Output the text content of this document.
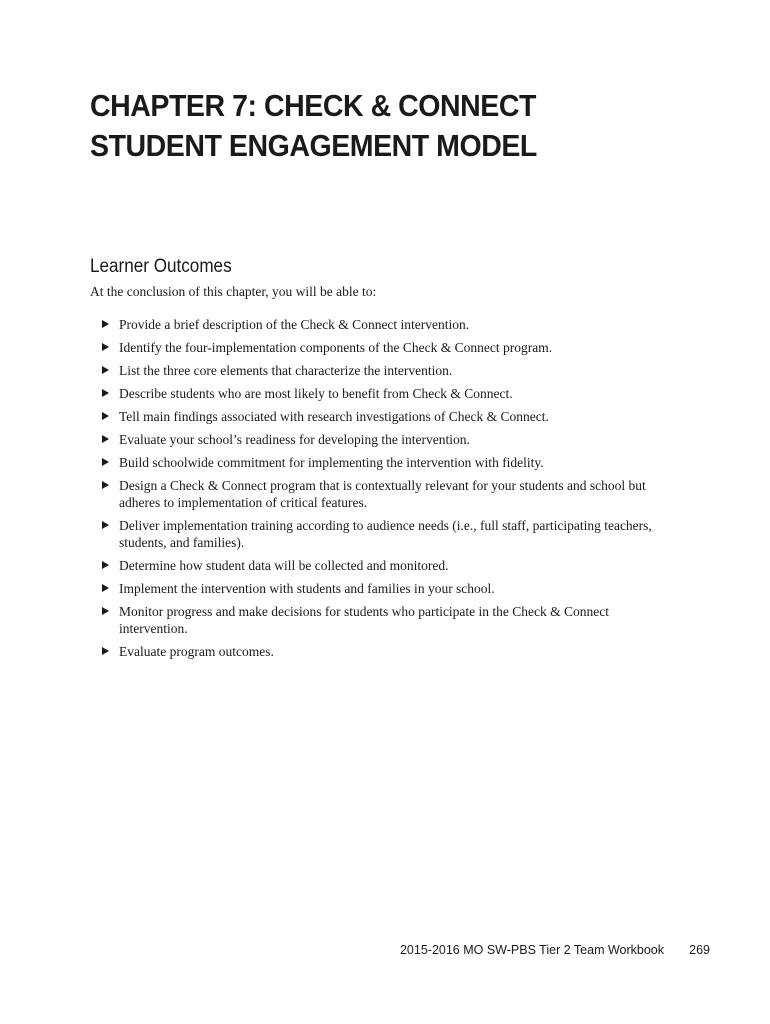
CHAPTER 7: CHECK & CONNECT
STUDENT ENGAGEMENT MODEL
Learner Outcomes

At the conclusion of this chapter, you will be able to:

Provide a brief description of the Check & Connect intervention.
Identify the four-implementation components of the Check & Connect program.
List the three core elements that characterize the intervention.
Describe students who are most likely to benefit from Check & Connect.
Tell main findings associated with research investigations of Check & Connect.
Evaluate your school’s readiness for developing the intervention.
Build schoolwide commitment for implementing the intervention with fidelity.
Design a Check & Connect program that is contextually relevant for your students and school but adheres to implementation of critical features.
Deliver implementation training according to audience needs (i.e., full staff, participating teachers, students, and families).
Determine how student data will be collected and monitored.
Implement the intervention with students and families in your school.
Monitor progress and make decisions for students who participate in the Check & Connect intervention.
Evaluate program outcomes.
2015-2016 MO SW-PBS Tier 2 Team Workbook 269
